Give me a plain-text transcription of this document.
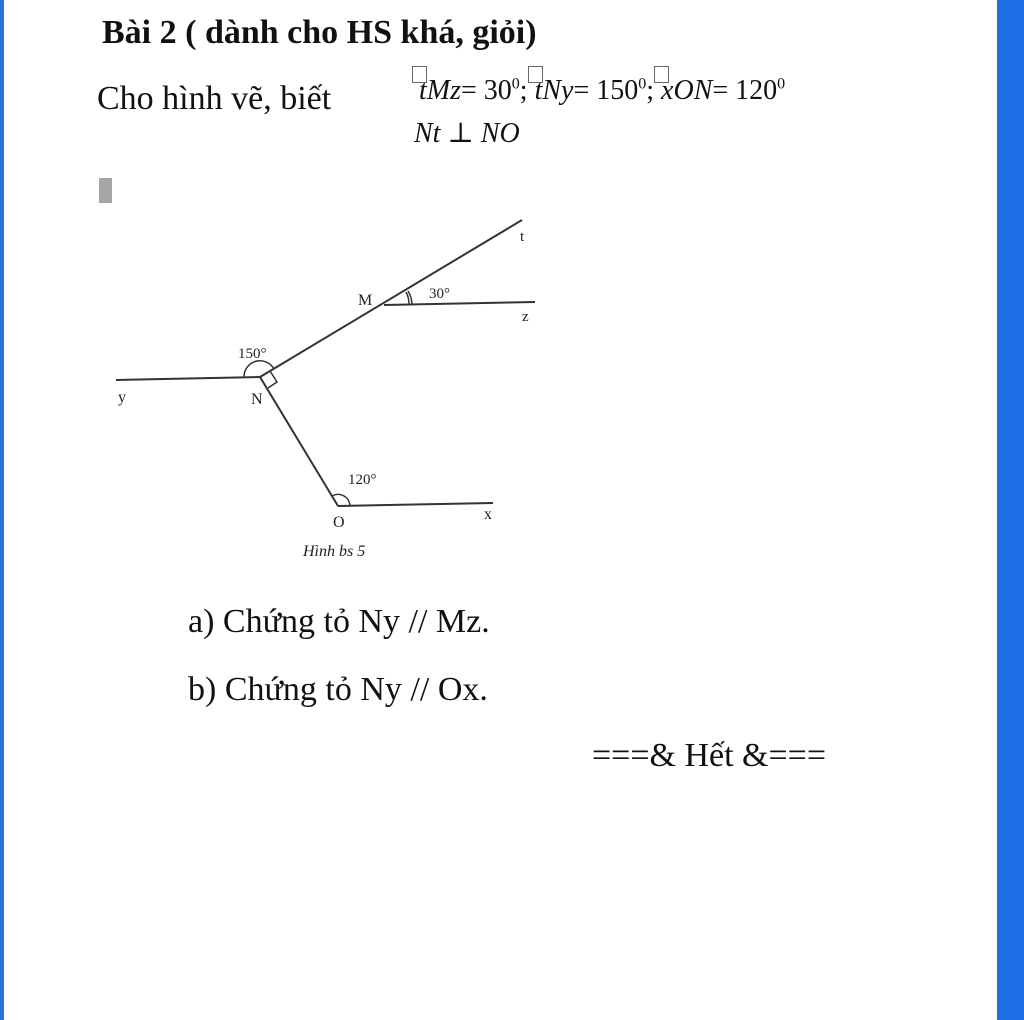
Bài 2 ( dành cho HS khá, giỏi)
Cho hình vẽ, biết	$tMz= 30^0$; $tNy= 150^0$; $xON= 120^0$
Nt ⊥ NO
t
z
y
x
M
N
O
30°
150°
120°
Hình bs 5
a) Chứng tỏ Ny // Mz.
b) Chứng tỏ Ny // Ox.
===& Hết &===
